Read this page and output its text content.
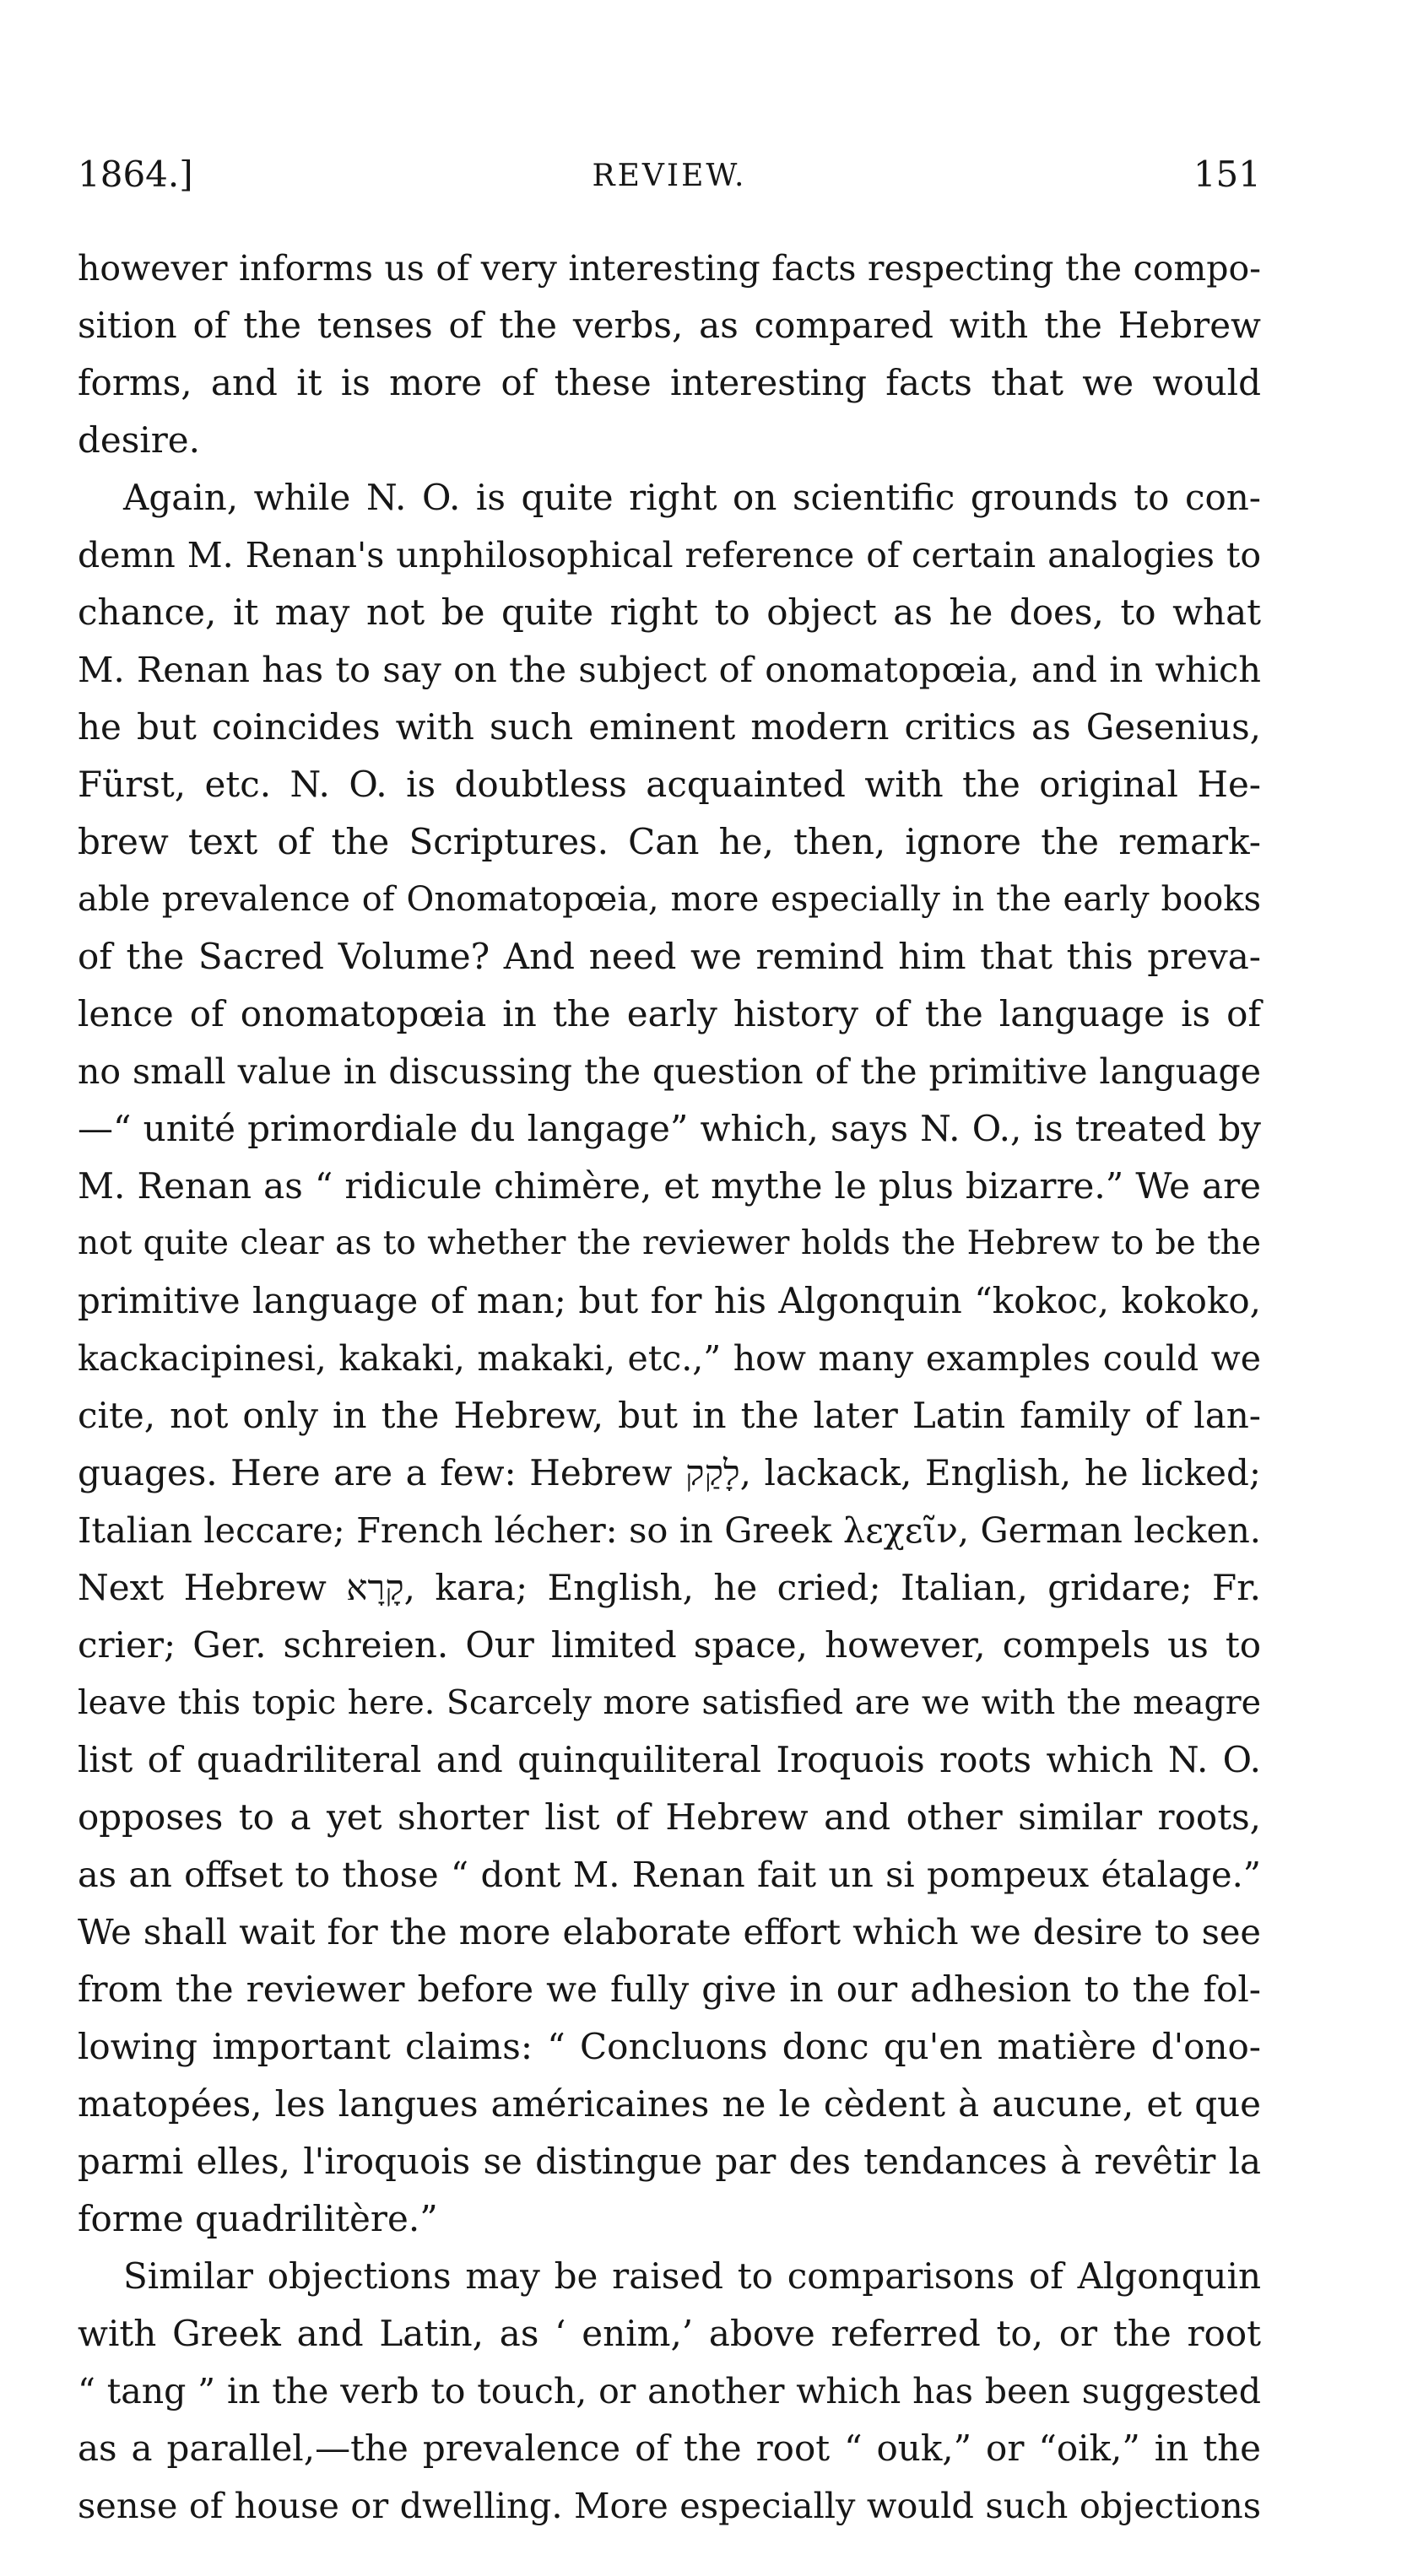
1864.]	REVIEW.	151
however informs us of very interesting facts respecting the compo-
sition of the tenses of the verbs, as compared with the Hebrew
forms, and it is more of these interesting facts that we would
desire.
Again, while N. O. is quite right on scientific grounds to con-
demn M. Renan's unphilosophical reference of certain analogies to
chance, it may not be quite right to object as he does, to what
M. Renan has to say on the subject of onomatopœia, and in which
he but coincides with such eminent modern critics as Gesenius,
Fürst, etc. N. O. is doubtless acquainted with the original He-
brew text of the Scriptures. Can he, then, ignore the remark-
able prevalence of Onomatopœia, more especially in the early books
of the Sacred Volume? And need we remind him that this preva-
lence of onomatopœia in the early history of the language is of
no small value in discussing the question of the primitive language
—“ unité primordiale du langage” which, says N. O., is treated by
M. Renan as “ ridicule chimère, et mythe le plus bizarre.” We are
not quite clear as to whether the reviewer holds the Hebrew to be the
primitive language of man; but for his Algonquin “kokoc, kokoko,
kackacipinesi, kakaki, makaki, etc.,” how many examples could we
cite, not only in the Hebrew, but in the later Latin family of lan-
guages. Here are a few: Hebrew לָקַק, lackack, English, he licked;
Italian leccare; French lécher: so in Greek λεχεῖν, German lecken.
Next Hebrew קָרָא, kara; English, he cried; Italian, gridare; Fr.
crier; Ger. schreien. Our limited space, however, compels us to
leave this topic here. Scarcely more satisfied are we with the meagre
list of quadriliteral and quinquiliteral Iroquois roots which N. O.
opposes to a yet shorter list of Hebrew and other similar roots,
as an offset to those “ dont M. Renan fait un si pompeux étalage.”
We shall wait for the more elaborate effort which we desire to see
from the reviewer before we fully give in our adhesion to the fol-
lowing important claims: “ Concluons donc qu'en matière d'ono-
matopées, les langues américaines ne le cèdent à aucune, et que
parmi elles, l'iroquois se distingue par des tendances à revêtir la
forme quadrilitère.”
Similar objections may be raised to comparisons of Algonquin
with Greek and Latin, as ‘ enim,’ above referred to, or the root
“ tang ” in the verb to touch, or another which has been suggested
as a parallel,—the prevalence of the root “ ouk,” or “oik,” in the
sense of house or dwelling. More especially would such objections
